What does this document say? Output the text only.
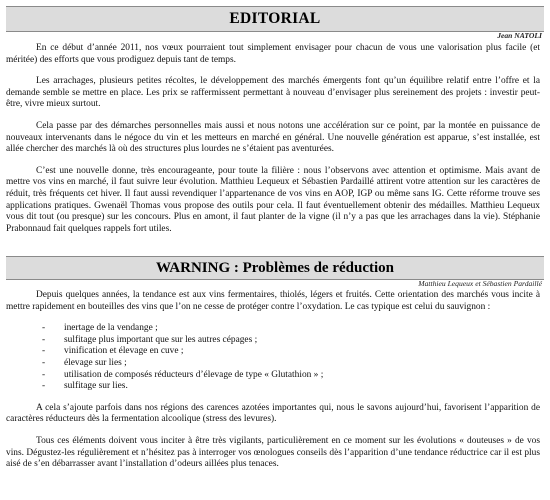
EDITORIAL
Jean NATOLI

En ce début d’année 2011, nos vœux pourraient tout simplement envisager pour chacun de vous une valorisation plus facile (et méritée) des efforts que vous prodiguez depuis tant de temps.

Les arrachages, plusieurs petites récoltes, le développement des marchés émergents font qu’un équilibre relatif entre l’offre et la demande semble se mettre en place. Les prix se raffermissent permettant à nouveau d’envisager plus sereinement des projets : investir peut-être, vivre mieux surtout.

Cela passe par des démarches personnelles mais aussi et nous notons une accélération sur ce point, par la montée en puissance de nouveaux intervenants dans le négoce du vin et les metteurs en marché en général. Une nouvelle génération est apparue, s’est installée, est allée chercher des marchés là où des structures plus lourdes ne s’étaient pas aventurées.

C’est une nouvelle donne, très encourageante, pour toute la filière : nous l’observons avec attention et optimisme. Mais avant de mettre vos vins en marché, il faut suivre leur évolution. Matthieu Lequeux et Sébastien Pardaillé attirent votre attention sur les caractères de réduit, très fréquents cet hiver. Il faut aussi revendiquer l’appartenance de vos vins en AOP, IGP ou même sans IG. Cette réforme trouve ses applications pratiques. Gwenaël Thomas vous propose des outils pour cela. Il faut éventuellement obtenir des médailles. Matthieu Lequeux vous dit tout (ou presque) sur les concours. Plus en amont, il faut planter de la vigne (il n’y a pas que les arrachages dans la vie). Stéphanie Prabonnaud fait quelques rappels fort utiles.

WARNING : Problèmes de réduction
Matthieu Lequeux et Sébastien Pardaillé

Depuis quelques années, la tendance est aux vins fermentaires, thiolés, légers et fruités. Cette orientation des marchés vous incite à mettre rapidement en bouteilles des vins que l’on ne cesse de protéger contre l’oxydation. Le cas typique est celui du sauvignon :

- inertage de la vendange ;
- sulfitage plus important que sur les autres cépages ;
- vinification et élevage en cuve ;
- élevage sur lies ;
- utilisation de composés réducteurs d’élevage de type « Glutathion » ;
- sulfitage sur lies.

A cela s’ajoute parfois dans nos régions des carences azotées importantes qui, nous le savons aujourd’hui, favorisent l’apparition de caractères réducteurs dès la fermentation alcoolique (stress des levures).

Tous ces éléments doivent vous inciter à être très vigilants, particulièrement en ce moment sur les évolutions « douteuses » de vos vins. Dégustez-les régulièrement et n’hésitez pas à interroger vos œnologues conseils dès l’apparition d’une tendance réductrice car il est plus aisé de s’en débarrasser avant l’installation d’odeurs aillées plus tenaces.
